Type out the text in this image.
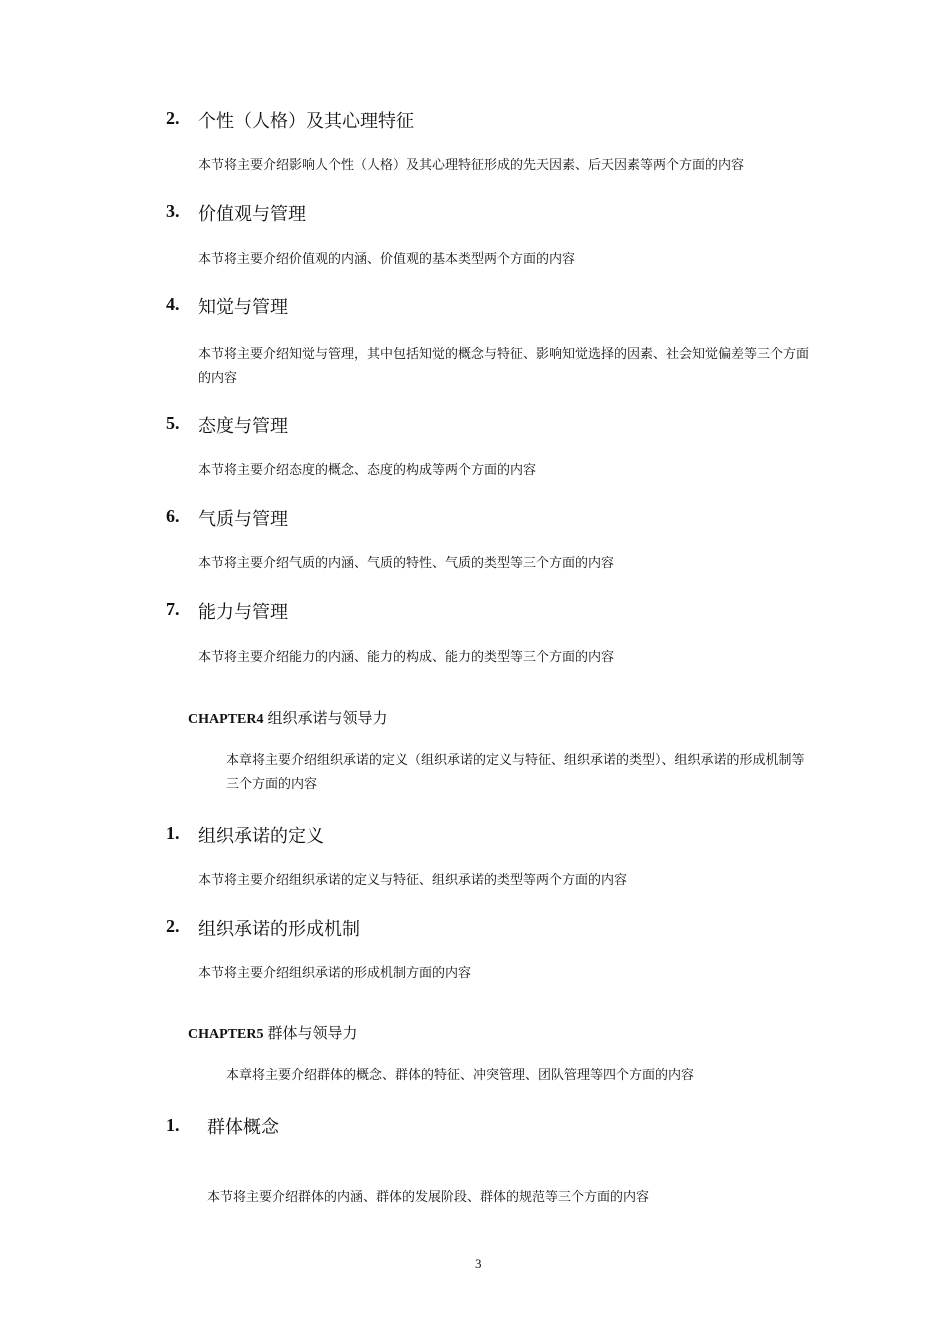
2. 个性（人格）及其心理特征
本节将主要介绍影响人个性（人格）及其心理特征形成的先天因素、后天因素等两个方面的内容
3. 价值观与管理
本节将主要介绍价值观的内涵、价值观的基本类型两个方面的内容
4. 知觉与管理
本节将主要介绍知觉与管理，其中包括知觉的概念与特征、影响知觉选择的因素、社会知觉偏差等三个方面的内容
5. 态度与管理
本节将主要介绍态度的概念、态度的构成等两个方面的内容
6. 气质与管理
本节将主要介绍气质的内涵、气质的特性、气质的类型等三个方面的内容
7. 能力与管理
本节将主要介绍能力的内涵、能力的构成、能力的类型等三个方面的内容
CHAPTER4 组织承诺与领导力
本章将主要介绍组织承诺的定义（组织承诺的定义与特征、组织承诺的类型）、组织承诺的形成机制等三个方面的内容
1. 组织承诺的定义
本节将主要介绍组织承诺的定义与特征、组织承诺的类型等两个方面的内容
2. 组织承诺的形成机制
本节将主要介绍组织承诺的形成机制方面的内容
CHAPTER5 群体与领导力
本章将主要介绍群体的概念、群体的特征、冲突管理、团队管理等四个方面的内容
1. 群体概念
本节将主要介绍群体的内涵、群体的发展阶段、群体的规范等三个方面的内容
3
